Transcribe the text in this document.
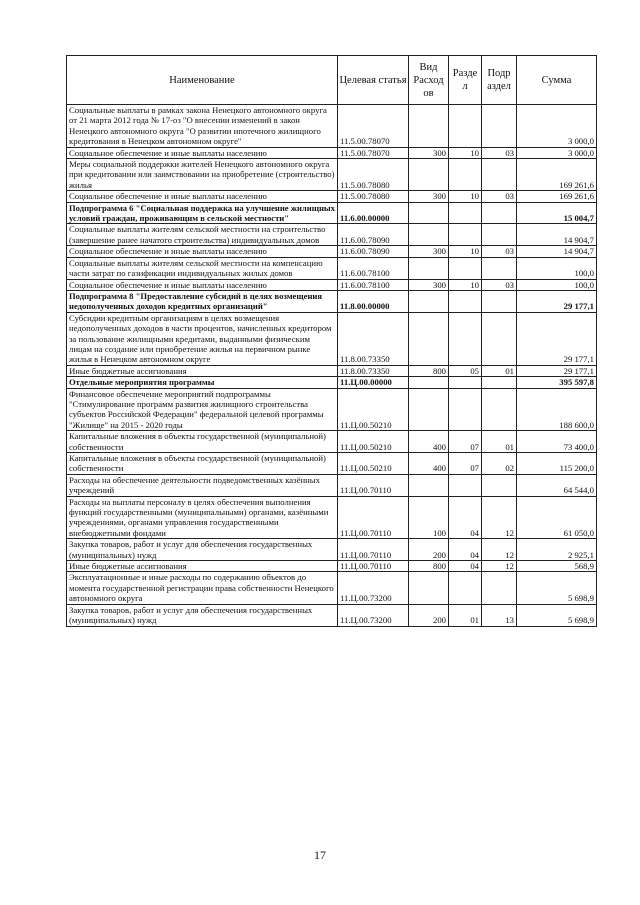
Наименование	Целевая статья	Вид Расход ов	Разде л	Подр аздел	Сумма
Социальные выплаты в рамках закона Ненецкого автономного округа от 21 марта 2012 года № 17-оз "О внесении изменений в закон Ненецкого автономного округа "О развитии ипотечного жилищного кредитования в Ненецком автономном округе"	11.5.00.78070				3 000,0
Социальное обеспечение и иные выплаты населению	11.5.00.78070	300	10	03	3 000,0
Меры социальной поддержки жителей Ненецкого автономного округа при кредитовании или заимствовании на приобретение (строительство) жилья	11.5.00.78080				169 261,6
Социальное обеспечение и иные выплаты населению	11.5.00.78080	300	10	03	169 261,6
Подпрограмма 6 "Социальная поддержка на улучшение жилищных условий граждан, проживающим в сельской местности"	11.6.00.00000				15 004,7
Социальные выплаты жителям сельской местности на строительство (завершение ранее начатого строительства) индивидуальных домов	11.6.00.78090				14 904,7
Социальное обеспечение и иные выплаты населению	11.6.00.78090	300	10	03	14 904,7
Социальные выплаты жителям сельской местности на компенсацию части затрат по газификации индивидуальных жилых домов	11.6.00.78100				100,0
Социальное обеспечение и иные выплаты населению	11.6.00.78100	300	10	03	100,0
Подпрограмма 8 "Предоставление субсидий в целях возмещения недополученных доходов кредитных организаций"	11.8.00.00000				29 177,1
Субсидии кредитным организациям в целях возмещения недополученных доходов в части процентов, начисленных кредитором за пользование жилищными кредитами, выданными физическим лицам на создание или приобретение жилья на первичном рынке жилья в Ненецком автономном округе	11.8.00.73350				29 177,1
Иные бюджетные ассигнования	11.8.00.73350	800	05	01	29 177,1
Отдельные мероприятия программы	11.Ц.00.00000				395 597,8
Финансовое обеспечение мероприятий подпрограммы "Стимулирование программ развития жилищного строительства субъектов Российской Федерации" федеральной целевой программы "Жилище" на 2015 - 2020 годы	11.Ц.00.50210				188 600,0
Капитальные вложения в объекты государственной (муниципальной) собственности	11.Ц.00.50210	400	07	01	73 400,0
Капитальные вложения в объекты государственной (муниципальной) собственности	11.Ц.00.50210	400	07	02	115 200,0
Расходы на обеспечение деятельности подведомственных казённых учреждений	11.Ц.00.70110				64 544,0
Расходы на выплаты персоналу в целях обеспечения выполнения функций государственными (муниципальными) органами, казёнными учреждениями, органами управления государственными внебюджетными фондами	11.Ц.00.70110	100	04	12	61 050,0
Закупка товаров, работ и услуг для обеспечения государственных (муниципальных) нужд	11.Ц.00.70110	200	04	12	2 925,1
Иные бюджетные ассигнования	11.Ц.00.70110	800	04	12	568,9
Эксплуатационные и иные расходы по содержанию объектов до момента государственной регистрации права собственности Ненецкого автономного округа	11.Ц.00.73200				5 698,9
Закупка товаров, работ и услуг для обеспечения государственных (муниципальных) нужд	11.Ц.00.73200	200	01	13	5 698,9
17
